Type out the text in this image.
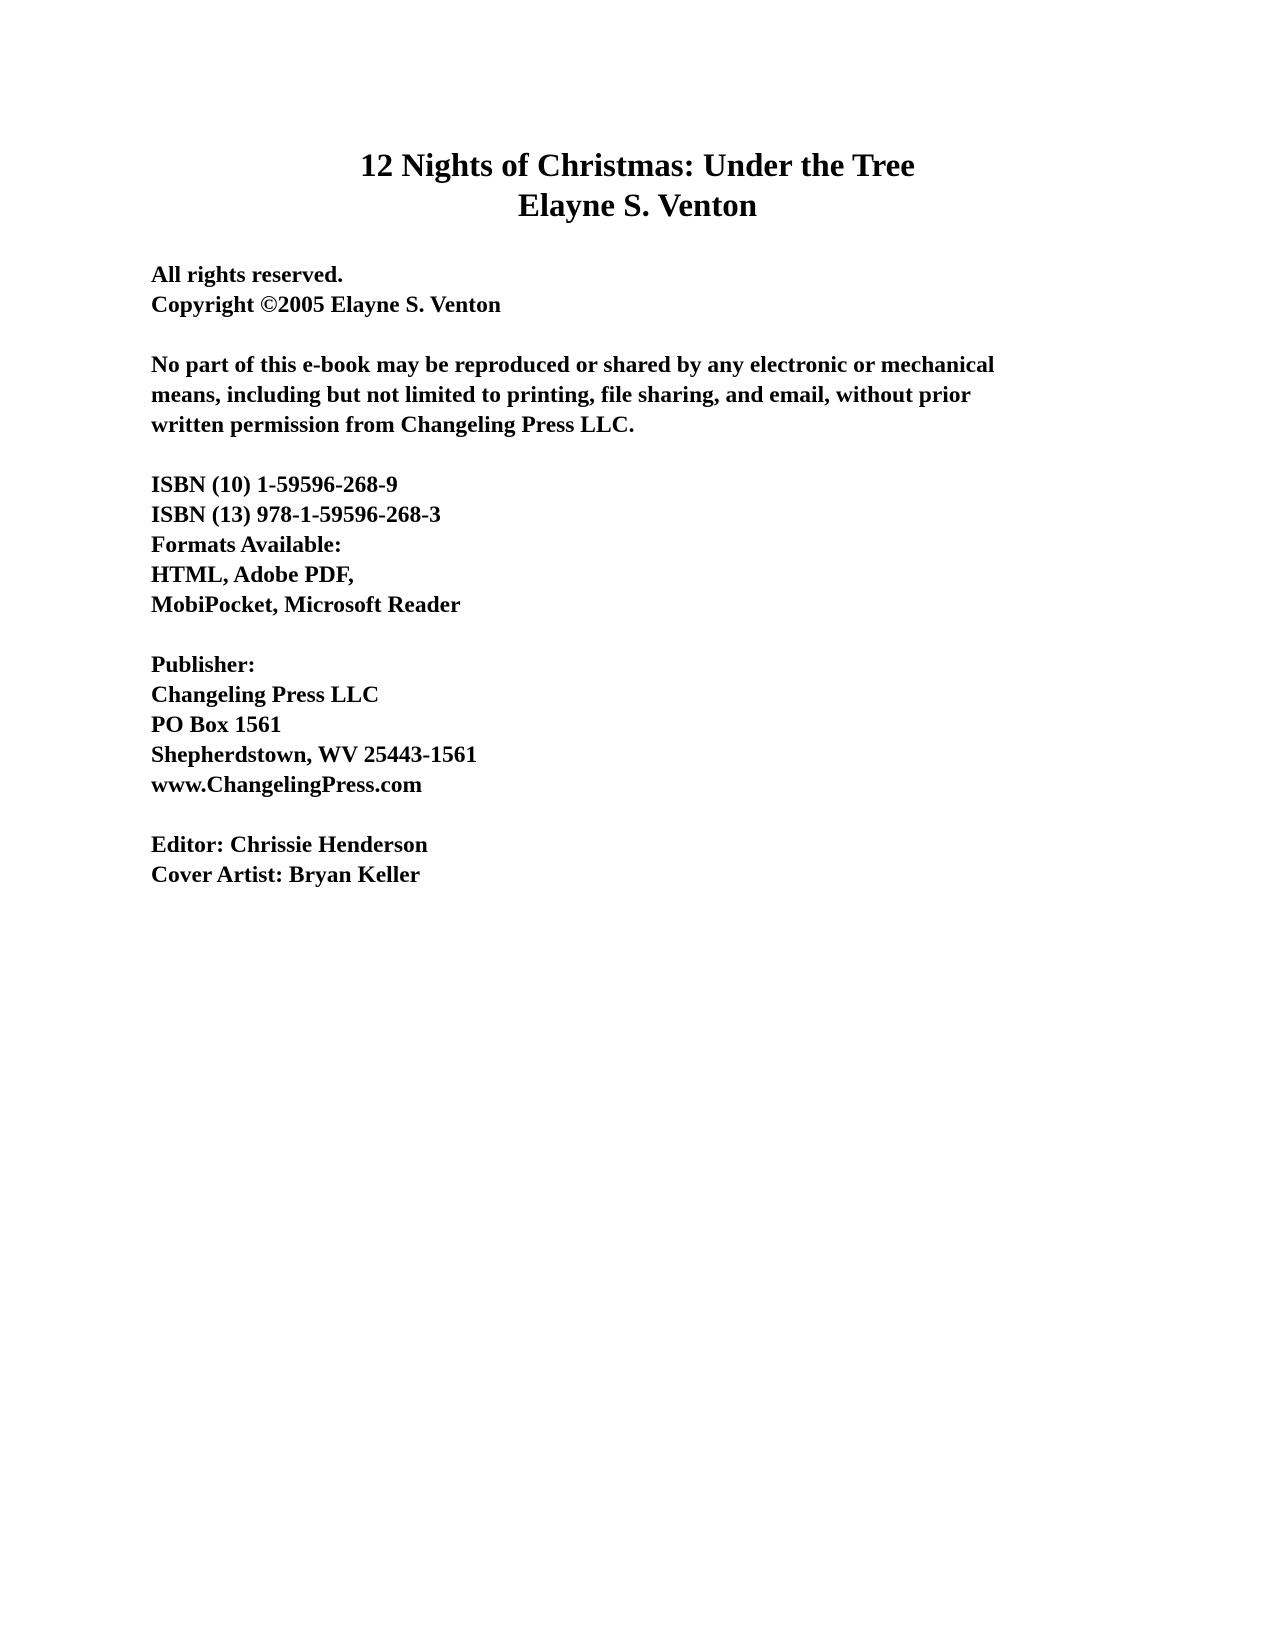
12 Nights of Christmas: Under the Tree
Elayne S. Venton
All rights reserved.
Copyright ©2005 Elayne S. Venton
No part of this e-book may be reproduced or shared by any electronic or mechanical
means, including but not limited to printing, file sharing, and email, without prior
written permission from Changeling Press LLC.
ISBN (10) 1-59596-268-9
ISBN (13) 978-1-59596-268-3
Formats Available:
HTML, Adobe PDF,
MobiPocket, Microsoft Reader
Publisher:
Changeling Press LLC
PO Box 1561
Shepherdstown, WV 25443-1561
www.ChangelingPress.com
Editor: Chrissie Henderson
Cover Artist: Bryan Keller
